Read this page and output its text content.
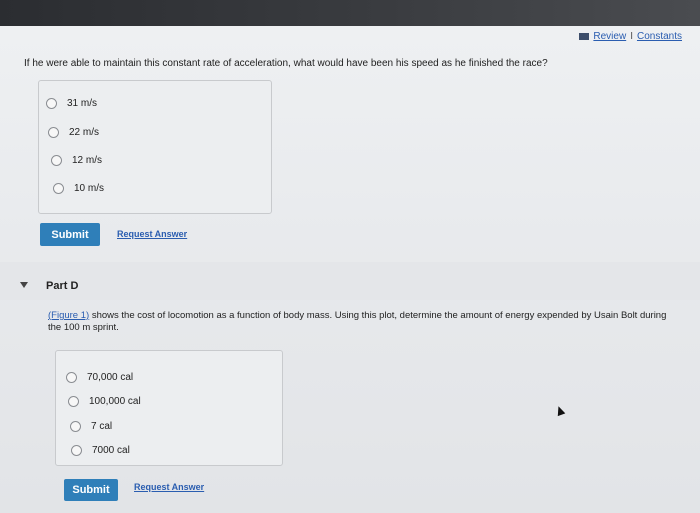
Review I Constants
If he were able to maintain this constant rate of acceleration, what would have been his speed as he finished the race?
31 m/s
22 m/s
12 m/s
10 m/s
Submit	Request Answer
Part D
(Figure 1) shows the cost of locomotion as a function of body mass. Using this plot, determine the amount of energy expended by Usain Bolt during the 100 m sprint.
70,000 cal
100,000 cal
7 cal
7000 cal
Submit	Request Answer
